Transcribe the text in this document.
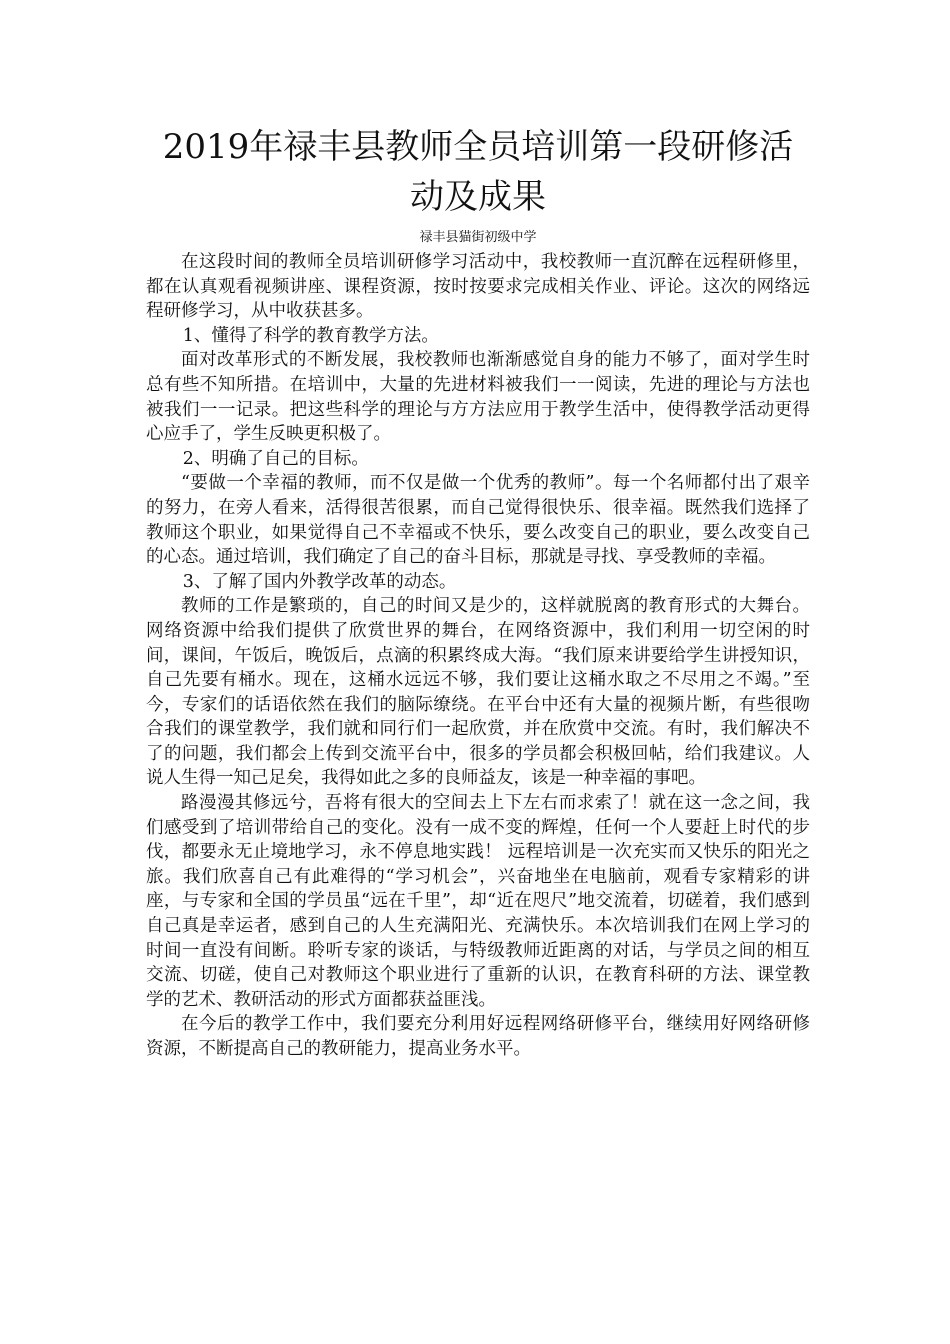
2019年禄丰县教师全员培训第一段研修活动及成果
禄丰县猫街初级中学

在这段时间的教师全员培训研修学习活动中，我校教师一直沉醉在远程研修里，都在认真观看视频讲座、课程资源，按时按要求完成相关作业、评论。这次的网络远程研修学习，从中收获甚多。

1、懂得了科学的教育教学方法。

面对改革形式的不断发展，我校教师也渐渐感觉自身的能力不够了，面对学生时总有些不知所措。在培训中，大量的先进材料被我们一一阅读，先进的理论与方法也被我们一一记录。把这些科学的理论与方方法应用于教学生活中，使得教学活动更得心应手了，学生反映更积极了。

2、明确了自己的目标。

“要做一个幸福的教师，而不仅是做一个优秀的教师”。每一个名师都付出了艰辛的努力，在旁人看来，活得很苦很累，而自己觉得很快乐、很幸福。既然我们选择了教师这个职业，如果觉得自己不幸福或不快乐，要么改变自己的职业，要么改变自己的心态。通过培训，我们确定了自己的奋斗目标，那就是寻找、享受教师的幸福。

3、了解了国内外教学改革的动态。

教师的工作是繁琐的，自己的时间又是少的，这样就脱离的教育形式的大舞台。网络资源中给我们提供了欣赏世界的舞台，在网络资源中，我们利用一切空闲的时间，课间，午饭后，晚饭后，点滴的积累终成大海。“我们原来讲要给学生讲授知识，自己先要有桶水。现在，这桶水远远不够，我们要让这桶水取之不尽用之不竭。”至今，专家们的话语依然在我们的脑际缭绕。在平台中还有大量的视频片断，有些很吻合我们的课堂教学，我们就和同行们一起欣赏，并在欣赏中交流。有时，我们解决不了的问题，我们都会上传到交流平台中，很多的学员都会积极回帖，给们我建议。人说人生得一知己足矣，我得如此之多的良师益友，该是一种幸福的事吧。

路漫漫其修远兮，吾将有很大的空间去上下左右而求索了！就在这一念之间，我们感受到了培训带给自己的变化。没有一成不变的辉煌，任何一个人要赶上时代的步伐，都要永无止境地学习，永不停息地实践！ 远程培训是一次充实而又快乐的阳光之旅。我们欣喜自己有此难得的“学习机会”，兴奋地坐在电脑前，观看专家精彩的讲座，与专家和全国的学员虽“远在千里”，却“近在咫尺”地交流着，切磋着，我们感到自己真是幸运者，感到自己的人生充满阳光、充满快乐。本次培训我们在网上学习的时间一直没有间断。聆听专家的谈话，与特级教师近距离的对话，与学员之间的相互交流、切磋，使自己对教师这个职业进行了重新的认识，在教育科研的方法、课堂教学的艺术、教研活动的形式方面都获益匪浅。

在今后的教学工作中，我们要充分利用好远程网络研修平台，继续用好网络研修资源，不断提高自己的教研能力，提高业务水平。
